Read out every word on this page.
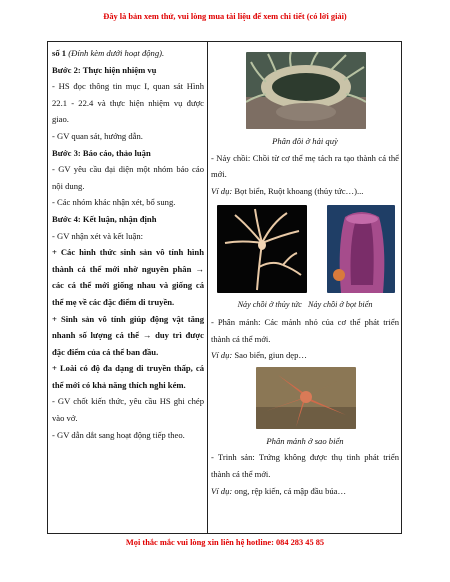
Đây là bản xem thử, vui lòng mua tài liệu để xem chi tiết (có lời giải)

số 1 (Đính kèm dưới hoạt động).

Bước 2: Thực hiện nhiệm vụ

- HS đọc thông tin mục I, quan sát Hình 22.1 - 22.4 và thực hiện nhiệm vụ được giao.

- GV quan sát, hướng dẫn.

Bước 3: Báo cáo, thảo luận

- GV yêu cầu đại diện một nhóm báo cáo nội dung.

- Các nhóm khác nhận xét, bổ sung.

Bước 4: Kết luận, nhận định

- GV nhận xét và kết luận:

+ Các hình thức sinh sản vô tính hình thành cá thể mới nhờ nguyên phân → các cá thể mới giống nhau và giống cá thể mẹ về các đặc điểm di truyền.

+ Sinh sản vô tính giúp động vật tăng nhanh số lượng cá thể → duy trì được đặc điểm của cá thể ban đầu.

+ Loài có độ đa dạng di truyền thấp, cá thể mới có khả năng thích nghi kém.

- GV chốt kiến thức, yêu cầu HS ghi chép vào vở.

- GV dẫn dắt sang hoạt động tiếp theo.

Phân đôi ở hải quỳ

- Nảy chồi: Chồi từ cơ thể mẹ tách ra tạo thành cá thể mới.

Ví dụ: Bọt biển, Ruột khoang (thủy tức…)...

Nảy chồi ở thủy tức   Nảy chồi ở bọt biển

- Phân mảnh: Các mảnh nhỏ của cơ thể phát triển thành cá thể mới.

Ví dụ: Sao biển, giun dẹp…

Phân mảnh ở sao biển

- Trinh sản: Trứng không được thụ tinh phát triển thành cá thể mới.

Ví dụ: ong, rệp kiến, cá mập đầu búa…

Mọi thắc mắc vui lòng xin liên hệ hotline: 084 283 45 85
